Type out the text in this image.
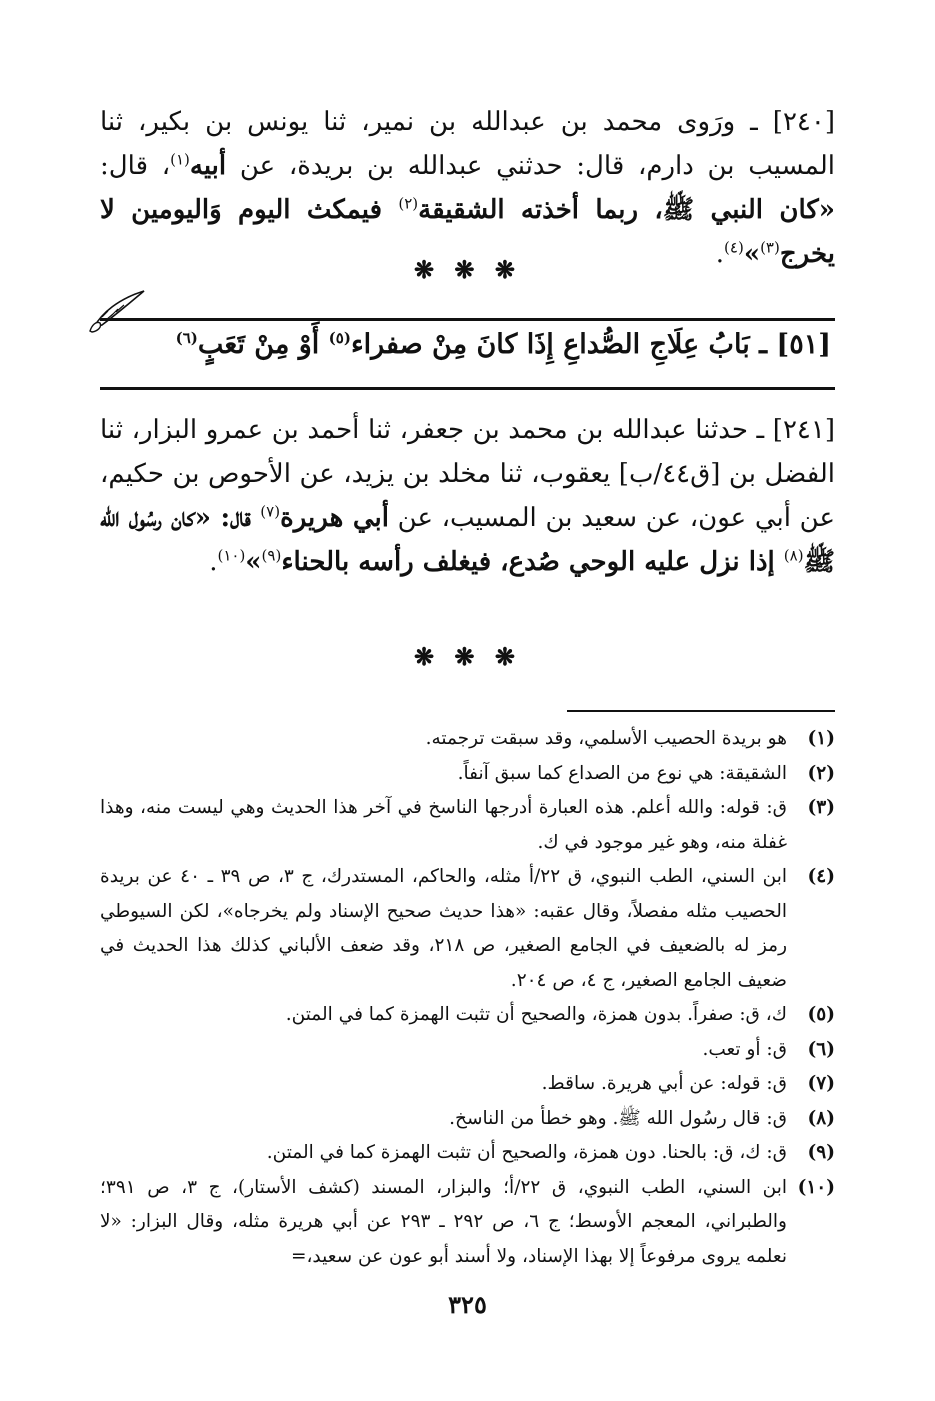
[٢٤٠] ـ ورَوى محمد بن عبدالله بن نمير، ثنا يونس بن بكير، ثنا المسيب بن دارم، قال: حدثني عبدالله بن بريدة، عن أبيه$^{(١)}$، قال: «كان النبي ﷺ، ربما أخذته الشقيقة$^{(٢)}$ فيمكث اليوم وَاليومين لا يخرج$^{(٣)}$»$^{(٤)}$.

❋ ❋ ❋
[٥١] ـ بَابُ عِلَاجِ الصُّداعِ إِذَا كانَ مِنْ صفراء$^{(٥)}$ أَوْ مِنْ تَعَبٍ$^{(٦)}$

[٢٤١] ـ حدثنا عبدالله بن محمد بن جعفر، ثنا أحمد بن عمرو البزار، ثنا الفضل بن [ق٤٤/ب] يعقوب، ثنا مخلد بن يزيد، عن الأحوص بن حكيم، عن أبي عون، عن سعيد بن المسيب، عن أبي هريرة$^{(٧)}$ قال: «كان رسُول الله ﷺ$^{(٨)}$ إذا نزل عليه الوحي صُدع، فيغلف رأسه بالحناء$^{(٩)}$»$^{(١٠)}$.

❋ ❋ ❋
(١)
هو بريدة الحصيب الأسلمي، وقد سبقت ترجمته.
(٢)
الشقيقة: هي نوع من الصداع كما سبق آنفاً.
(٣)
ق: قوله: والله أعلم. هذه العبارة أدرجها الناسخ في آخر هذا الحديث وهي ليست منه، وهذا غفلة منه، وهو غير موجود في ك.
(٤)
ابن السني، الطب النبوي، ق ٢٢/أ مثله، والحاكم، المستدرك، ج ٣، ص ٣٩ ـ ٤٠ عن بريدة الحصيب مثله مفصلاً، وقال عقبه: «هذا حديث صحيح الإسناد ولم يخرجاه»، لكن السيوطي رمز له بالضعيف في الجامع الصغير، ص ٢١٨، وقد ضعف الألباني كذلك هذا الحديث في ضعيف الجامع الصغير، ج ٤، ص ٢٠٤.
(٥)
ك، ق: صفراً. بدون همزة، والصحيح أن تثبت الهمزة كما في المتن.
(٦)
ق: أو تعب.
(٧)
ق: قوله: عن أبي هريرة. ساقط.
(٨)
ق: قال رسُول الله ﷺ. وهو خطأ من الناسخ.
(٩)
ق: ك، ق: بالحنا. دون همزة، والصحيح أن تثبت الهمزة كما في المتن.
(١٠)
ابن السني، الطب النبوي، ق ٢٢/أ؛ والبزار، المسند (كشف الأستار)، ج ٣، ص ٣٩١؛ والطبراني، المعجم الأوسط؛ ج ٦، ص ٢٩٢ ـ ٢٩٣ عن أبي هريرة مثله، وقال البزار: «لا نعلمه يروى مرفوعاً إلا بهذا الإسناد، ولا أسند أبو عون عن سعيد،=
٣٢٥
